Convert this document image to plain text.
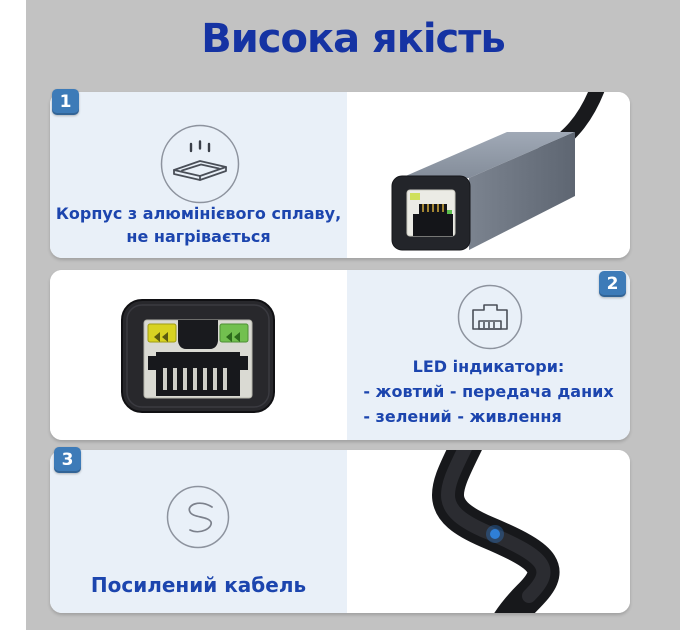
Висока якість
Корпус з алюмінієвого сплаву,
не нагрівається
1
LED індикатори:
- жовтий - передача даних
- зелений - живлення
2
Посилений кабель
3
